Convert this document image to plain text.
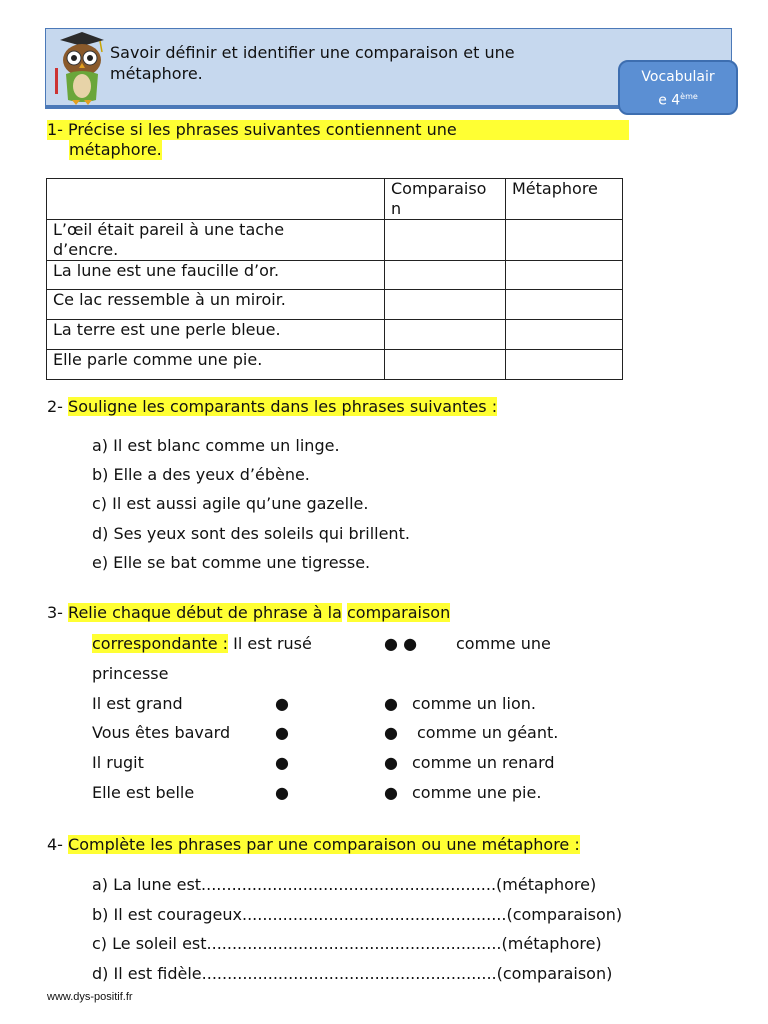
Savoir définir et identifier une comparaison et une métaphore.	Vocabulair
e 4ème
1- Précise si les phrases suivantes contiennent une
métaphore.
	Comparaiso
n	Métaphore
L’œil était pareil à une tache
d’encre.		
La lune est une faucille d’or.		
Ce lac ressemble à un miroir.		
La terre est une perle bleue.		
Elle parle comme une pie.		
2- Souligne les comparants dans les phrases suivantes :
a) Il est blanc comme un linge.
b) Elle a des yeux d’ébène.
c) Il est aussi agile qu’une gazelle.
d) Ses yeux sont des soleils qui brillent.
e) Elle se bat comme une tigresse.
3- Relie chaque début de phrase à la comparaison
correspondante : Il est rusé	● ● comme une
princesse
Il est grand	●	● comme un lion.
Vous êtes bavard	●	● comme un géant.
Il rugit	●	● comme un renard
Elle est belle	●	● comme une pie.
4- Complète les phrases par une comparaison ou une métaphore :
a) La lune est..........................................................(métaphore)
b) Il est courageux....................................................(comparaison)
c) Le soleil est..........................................................(métaphore)
d) Il est fidèle..........................................................(comparaison)
www.dys-positif.fr
